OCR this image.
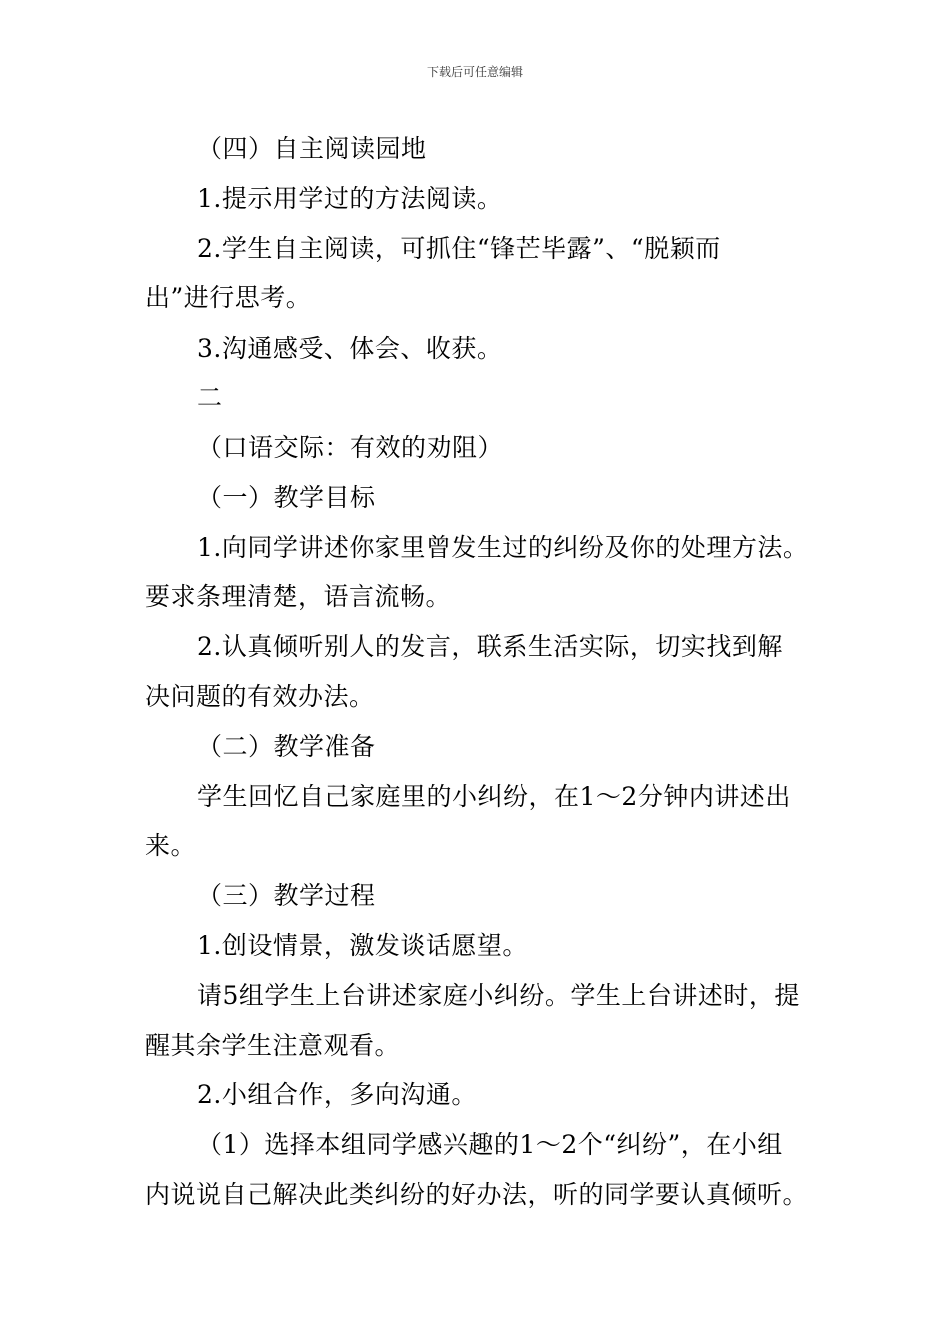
下载后可任意编辑
（四）自主阅读园地
1.提示用学过的方法阅读。
2.学生自主阅读，可抓住“锋芒毕露”、“脱颖而
出”进行思考。
3.沟通感受、体会、收获。
二
（口语交际：有效的劝阻）
（一）教学目标
1.向同学讲述你家里曾发生过的纠纷及你的处理方法。
要求条理清楚，语言流畅。
2.认真倾听别人的发言，联系生活实际，切实找到解
决问题的有效办法。
（二）教学准备
学生回忆自己家庭里的小纠纷，在1～2分钟内讲述出
来。
（三）教学过程
1.创设情景，激发谈话愿望。
请5组学生上台讲述家庭小纠纷。学生上台讲述时，提
醒其余学生注意观看。
2.小组合作，多向沟通。
（1）选择本组同学感兴趣的1～2个“纠纷”，在小组
内说说自己解决此类纠纷的好办法，听的同学要认真倾听。
